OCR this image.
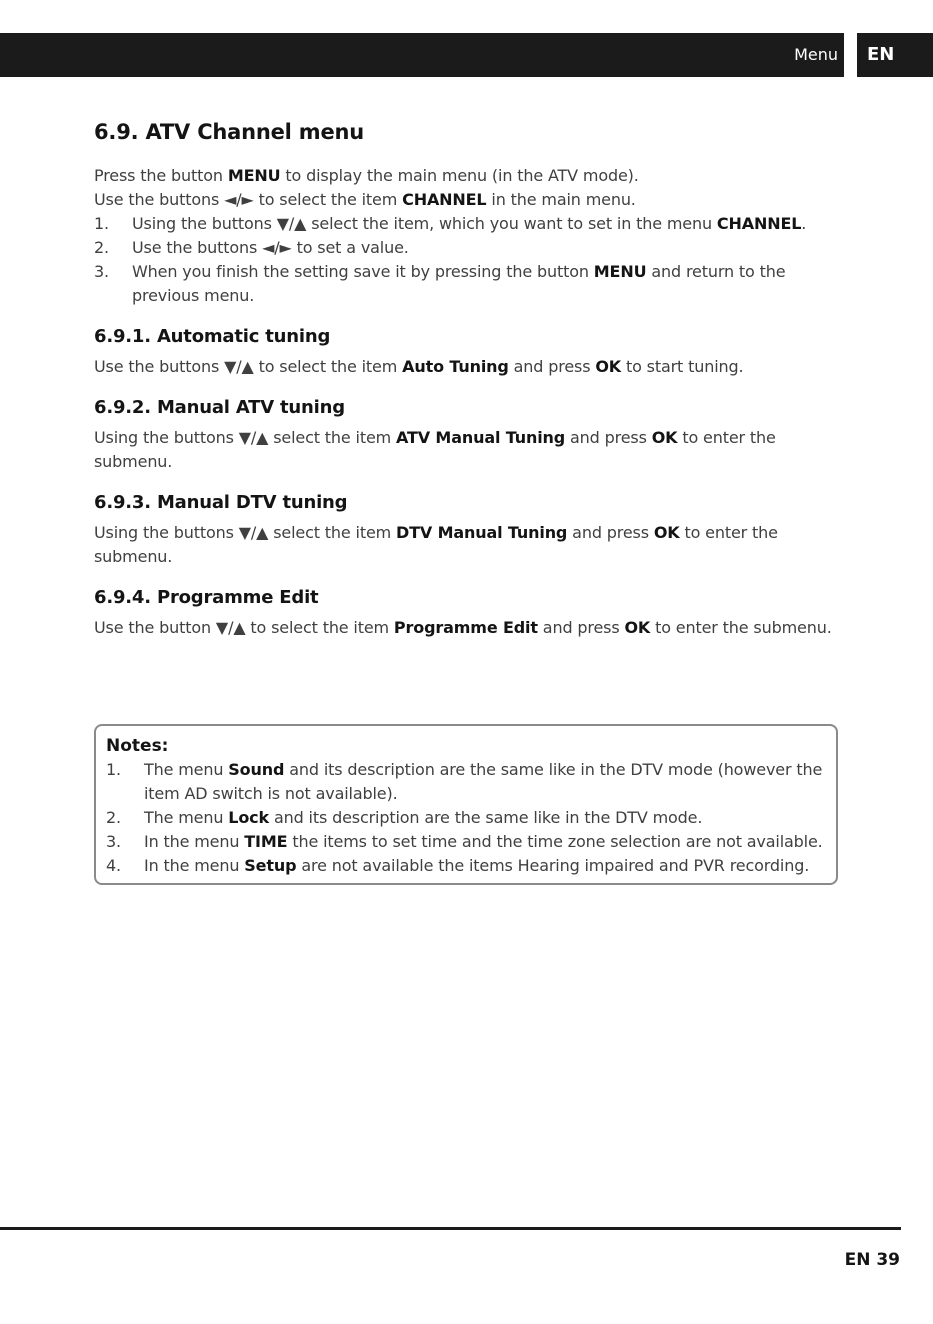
Menu EN
6.9. ATV Channel menu

Press the button MENU to display the main menu (in the ATV mode).

Use the buttons ◄/► to select the item CHANNEL in the main menu.

1. Using the buttons ▼/▲ select the item, which you want to set in the menu CHANNEL.
2. Use the buttons ◄/► to set a value.
3. When you finish the setting save it by pressing the button MENU and return to the previous menu.
6.9.1. Automatic tuning

Use the buttons ▼/▲ to select the item Auto Tuning and press OK to start tuning.

6.9.2. Manual ATV tuning

Using the buttons ▼/▲ select the item ATV Manual Tuning and press OK to enter the submenu.

6.9.3. Manual DTV tuning

Using the buttons ▼/▲ select the item DTV Manual Tuning and press OK to enter the submenu.

6.9.4. Programme Edit

Use the button ▼/▲ to select the item Programme Edit and press OK to enter the submenu.

Notes:
1. The menu Sound and its description are the same like in the DTV mode (however the item AD switch is not available).
2. The menu Lock and its description are the same like in the DTV mode.
3. In the menu TIME the items to set time and the time zone selection are not available.
4. In the menu Setup are not available the items Hearing impaired and PVR recording.
EN 39
